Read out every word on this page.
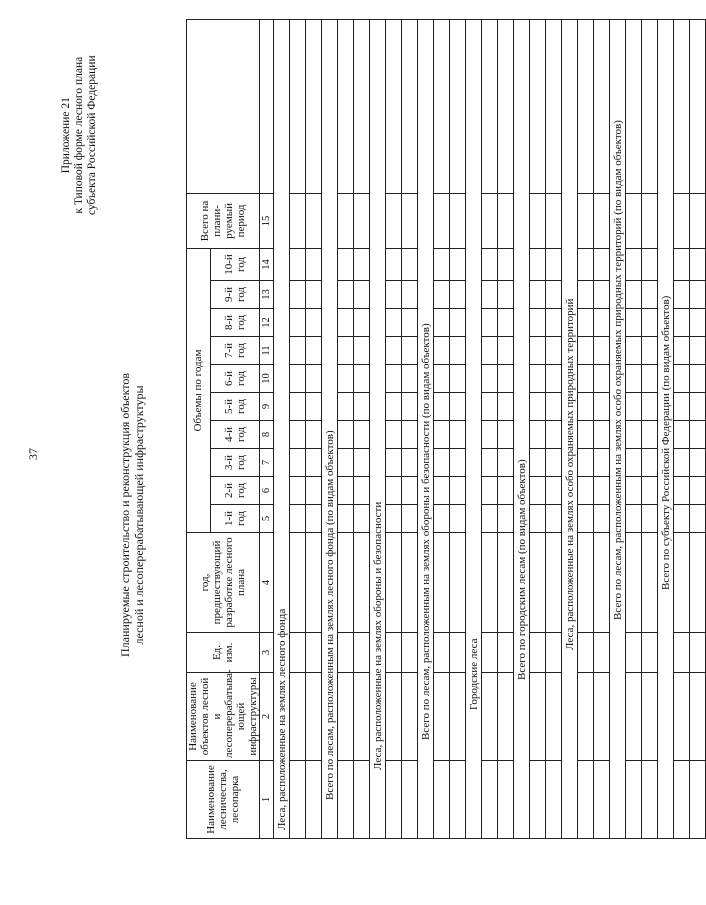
37
Приложение 21 к Типовой форме лесного плана субъекта Российской Федерации
Планируемые строительство и реконструкция объектов лесной и лесоперерабатывающей инфраструктуры
Наименование лесничества, лесопарка	Наименование объектов лесной и лесоперерабатыва-ющей инфраструктуры	Ед. изм.	год, предшествующий разработке лесного плана	Объемы по годам										Всего на плани-руемый период	
				1-й год	2-й год	3-й год	4-й год	5-й год	6-й год	7-й год	8-й год	9-й год	10-й год		
1	2	3	4	5	6	7	8	9	10	11	12	13	14	15	
Леса, расположенные на землях лесного фонда															

Всего по лесам, расположенным на землях лесного фонда (по видам объектов)															

Леса, расположенные на землях обороны и безопасности															

Всего по лесам, расположенным на землях обороны и безопасности (по видам объектов)															

Городские леса															

Всего по городским лесам (по видам объектов)															

Леса, расположенные на землях особо охраняемых природных территорий															

Всего по лесам, расположенным на землях особо охраняемых природных территорий (по видам объектов)															

Всего по субъекту Российской Федерации (по видам объектов)															
